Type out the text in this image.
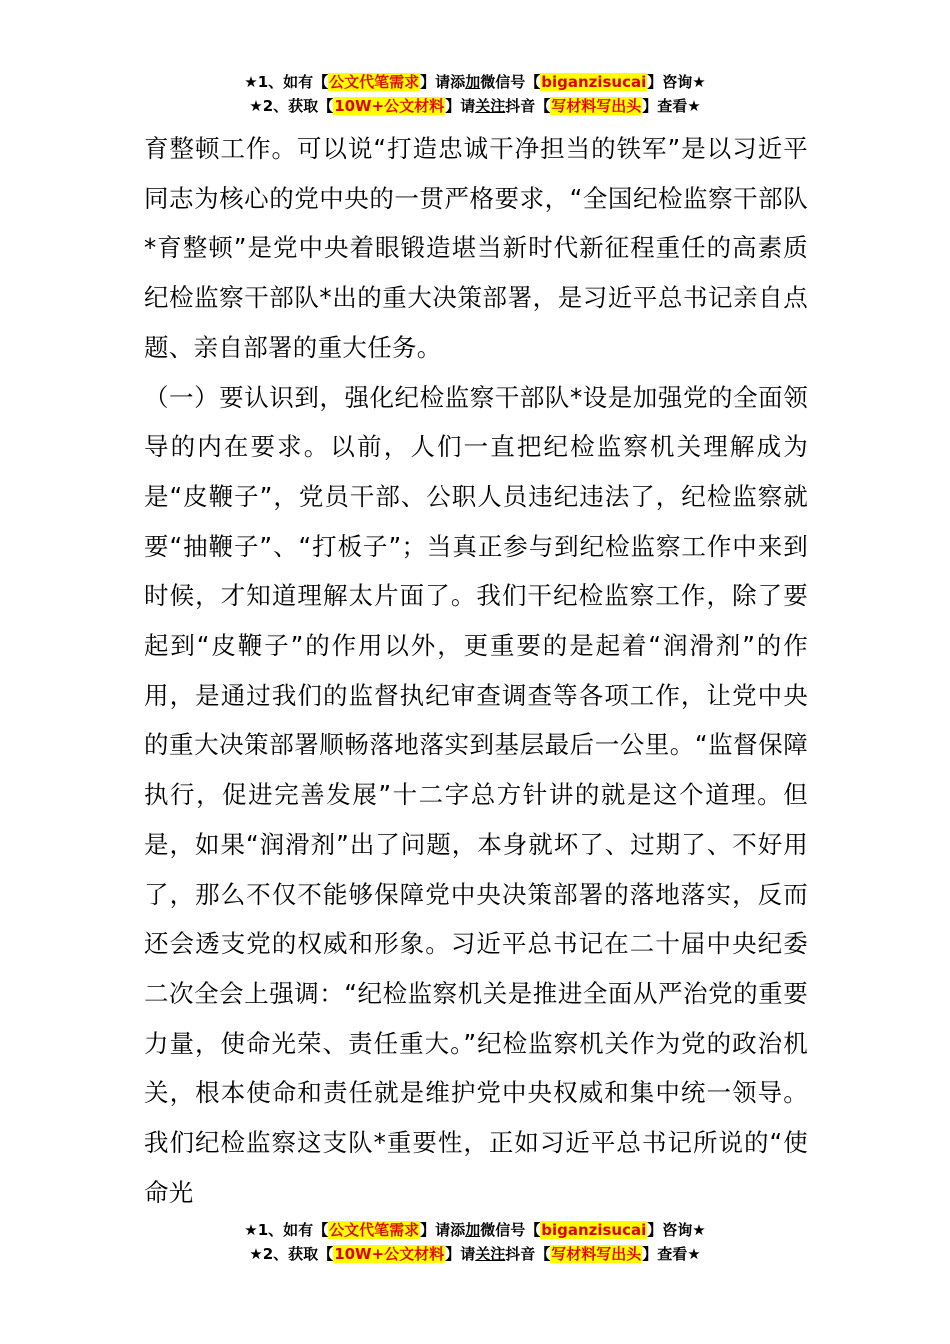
★1、如有【公文代笔需求】请添加微信号【biganzisucai】咨询★
★2、获取【10W+公文材料】请关注抖音【写材料写出头】查看★

育整顿工作。可以说“打造忠诚干净担当的铁军”是以习近平同志为核心的党中央的一贯严格要求，“全国纪检监察干部队*育整顿”是党中央着眼锻造堪当新时代新征程重任的高素质纪检监察干部队*出的重大决策部署，是习近平总书记亲自点题、亲自部署的重大任务。

（一）要认识到，强化纪检监察干部队*设是加强党的全面领导的内在要求。以前，人们一直把纪检监察机关理解成为是“皮鞭子”，党员干部、公职人员违纪违法了，纪检监察就要“抽鞭子”、“打板子”；当真正参与到纪检监察工作中来到时候，才知道理解太片面了。我们干纪检监察工作，除了要起到“皮鞭子”的作用以外，更重要的是起着“润滑剂”的作用，是通过我们的监督执纪审查调查等各项工作，让党中央的重大决策部署顺畅落地落实到基层最后一公里。“监督保障执行，促进完善发展”十二字总方针讲的就是这个道理。但是，如果“润滑剂”出了问题，本身就坏了、过期了、不好用了，那么不仅不能够保障党中央决策部署的落地落实，反而还会透支党的权威和形象。习近平总书记在二十届中央纪委二次全会上强调：“纪检监察机关是推进全面从严治党的重要力量，使命光荣、责任重大。”纪检监察机关作为党的政治机关，根本使命和责任就是维护党中央权威和集中统一领导。我们纪检监察这支队*重要性，正如习近平总书记所说的“使命光

★1、如有【公文代笔需求】请添加微信号【biganzisucai】咨询★
★2、获取【10W+公文材料】请关注抖音【写材料写出头】查看★
